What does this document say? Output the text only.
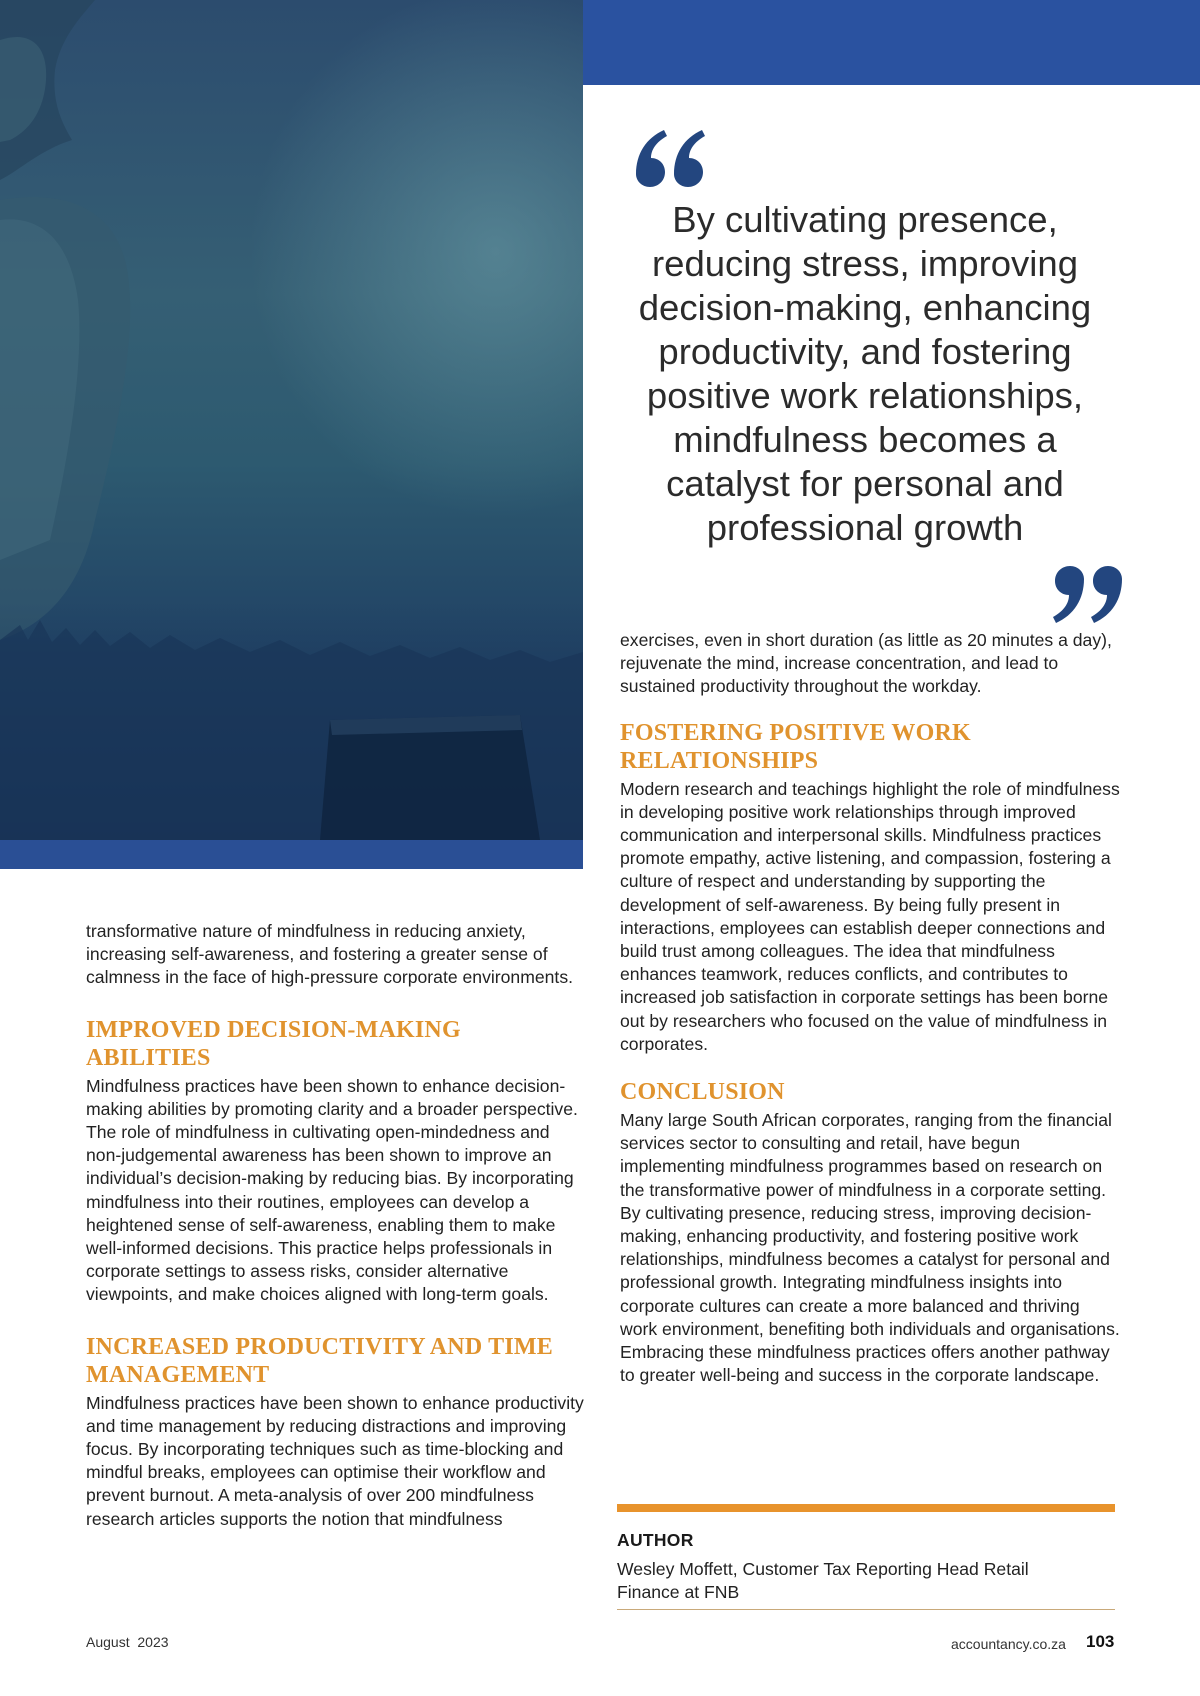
By cultivating presence, reducing stress, improving decision-making, enhancing productivity, and fostering positive work relationships, mindfulness becomes a catalyst for personal and professional growth

transformative nature of mindfulness in reducing anxiety, increasing self-awareness, and fostering a greater sense of calmness in the face of high-pressure corporate environments.

IMPROVED DECISION-MAKING ABILITIES

Mindfulness practices have been shown to enhance decision-making abilities by promoting clarity and a broader perspective. The role of mindfulness in cultivating open-mindedness and non-judgemental awareness has been shown to improve an individual’s decision-making by reducing bias. By incorporating mindfulness into their routines, employees can develop a heightened sense of self-awareness, enabling them to make well-informed decisions. This practice helps professionals in corporate settings to assess risks, consider alternative viewpoints, and make choices aligned with long-term goals.

INCREASED PRODUCTIVITY AND TIME MANAGEMENT

Mindfulness practices have been shown to enhance productivity and time management by reducing distractions and improving focus. By incorporating techniques such as time-blocking and mindful breaks, employees can optimise their workflow and prevent burnout. A meta-analysis of over 200 mindfulness research articles supports the notion that mindfulness

exercises, even in short duration (as little as 20 minutes a day), rejuvenate the mind, increase concentration, and lead to sustained productivity throughout the workday.

FOSTERING POSITIVE WORK RELATIONSHIPS

Modern research and teachings highlight the role of mindfulness in developing positive work relationships through improved communication and interpersonal skills. Mindfulness practices promote empathy, active listening, and compassion, fostering a culture of respect and understanding by supporting the development of self-awareness. By being fully present in interactions, employees can establish deeper connections and build trust among colleagues. The idea that mindfulness enhances teamwork, reduces conflicts, and contributes to increased job satisfaction in corporate settings has been borne out by researchers who focused on the value of mindfulness in corporates.

CONCLUSION

Many large South African corporates, ranging from the financial services sector to consulting and retail, have begun implementing mindfulness programmes based on research on the transformative power of mindfulness in a corporate setting. By cultivating presence, reducing stress, improving decision-making, enhancing productivity, and fostering positive work relationships, mindfulness becomes a catalyst for personal and professional growth. Integrating mindfulness insights into corporate cultures can create a more balanced and thriving work environment, benefiting both individuals and organisations. Embracing these mindfulness practices offers another pathway to greater well-being and success in the corporate landscape.

AUTHOR
Wesley Moffett, Customer Tax Reporting Head Retail Finance at FNB
August  2023	accountancy.co.za 103
